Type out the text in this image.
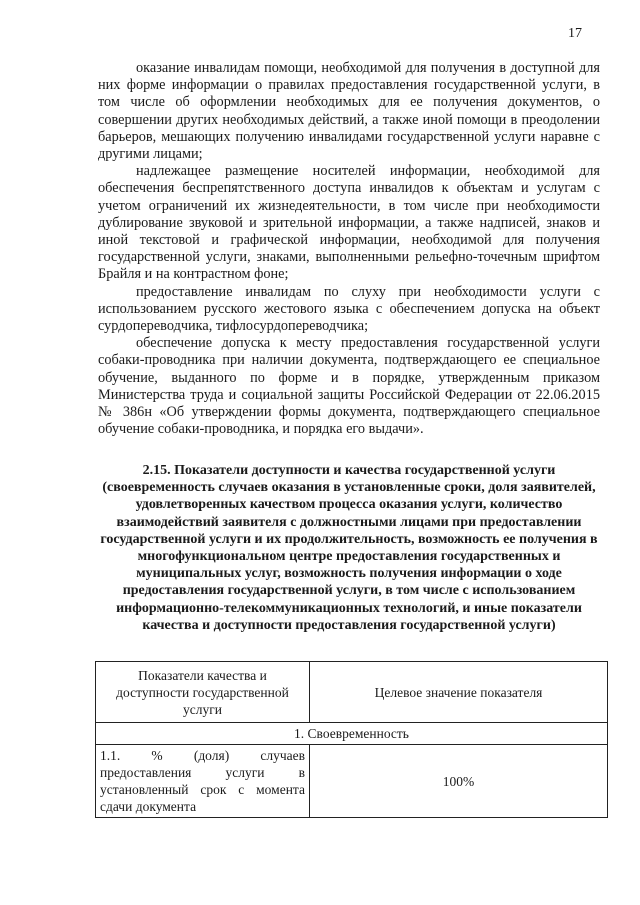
17

оказание инвалидам помощи, необходимой для получения в доступной для них форме информации о правилах предоставления государственной услуги, в том числе об оформлении необходимых для ее получения документов, о совершении других необходимых действий, а также иной помощи в преодолении барьеров, мешающих получению инвалидами государственной услуги наравне с другими лицами;

надлежащее размещение носителей информации, необходимой для обеспечения беспрепятственного доступа инвалидов к объектам и услугам с учетом ограничений их жизнедеятельности, в том числе при необходимости дублирование звуковой и зрительной информации, а также надписей, знаков и иной текстовой и графической информации, необходимой для получения государственной услуги, знаками, выполненными рельефно-точечным шрифтом Брайля и на контрастном фоне;

предоставление инвалидам по слуху при необходимости услуги с использованием русского жестового языка с обеспечением допуска на объект сурдопереводчика, тифлосурдопереводчика;

обеспечение допуска к месту предоставления государственной услуги собаки-проводника при наличии документа, подтверждающего ее специальное обучение, выданного по форме и в порядке, утвержденным приказом Министерства труда и социальной защиты Российской Федерации от 22.06.2015 № 386н «Об утверждении формы документа, подтверждающего специальное обучение собаки-проводника, и порядка его выдачи».

2.15. Показатели доступности и качества государственной услуги (своевременность случаев оказания в установленные сроки, доля заявителей, удовлетворенных качеством процесса оказания услуги, количество взаимодействий заявителя с должностными лицами при предоставлении государственной услуги и их продолжительность, возможность ее получения в многофункциональном центре предоставления государственных и муниципальных услуг, возможность получения информации о ходе предоставления государственной услуги, в том числе с использованием информационно-телекоммуникационных технологий, и иные показатели качества и доступности предоставления государственной услуги)
Показатели качества и доступности государственной услуги	Целевое значение показателя
1. Своевременность	
1.1. % (доля) случаев предоставления услуги в установленный срок с момента сдачи документа	100%
